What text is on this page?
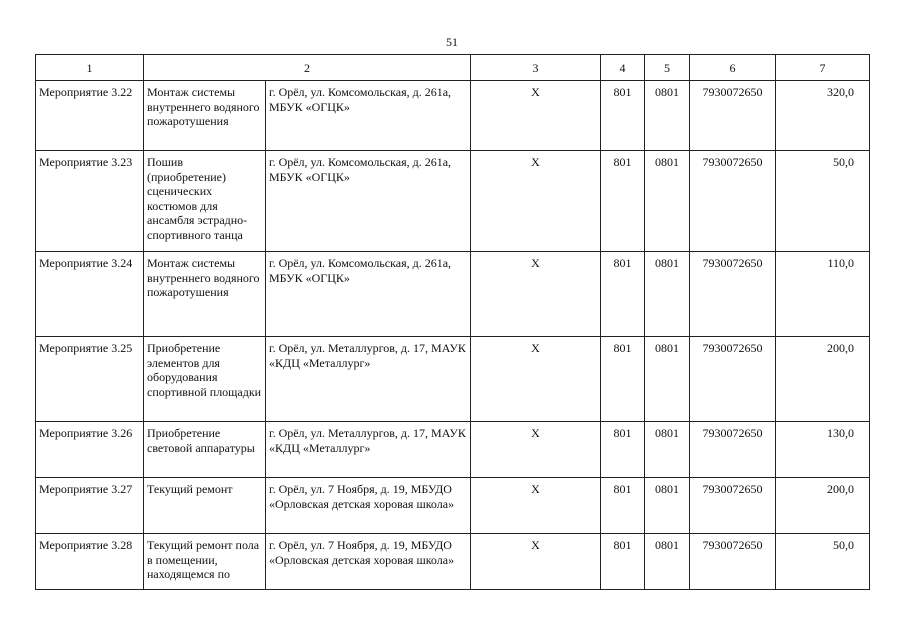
51
1	2		3	4	5	6	7
Мероприятие 3.22	Монтаж системы внутреннего водяного пожаротушения	г. Орёл, ул. Комсомольская, д. 261а, МБУК «ОГЦК»	X	801	0801	7930072650	320,0
Мероприятие 3.23	Пошив (приобретение) сценических костюмов для ансамбля эстрадно-спортивного танца	г. Орёл, ул. Комсомольская, д. 261а, МБУК «ОГЦК»	X	801	0801	7930072650	50,0
Мероприятие 3.24	Монтаж системы внутреннего водяного пожаротушения	г. Орёл, ул. Комсомольская, д. 261а, МБУК «ОГЦК»	X	801	0801	7930072650	110,0
Мероприятие 3.25	Приобретение элементов для оборудования спортивной площадки	г. Орёл, ул. Металлургов, д. 17, МАУК «КДЦ «Металлург»	X	801	0801	7930072650	200,0
Мероприятие 3.26	Приобретение световой аппаратуры	г. Орёл, ул. Металлургов, д. 17, МАУК «КДЦ «Металлург»	X	801	0801	7930072650	130,0
Мероприятие 3.27	Текущий ремонт	г. Орёл, ул. 7 Ноября, д. 19, МБУДО «Орловская детская хоровая школа»	X	801	0801	7930072650	200,0
Мероприятие 3.28	Текущий ремонт пола в помещении, находящемся по	г. Орёл, ул. 7 Ноября, д. 19, МБУДО «Орловская детская хоровая школа»	X	801	0801	7930072650	50,0
